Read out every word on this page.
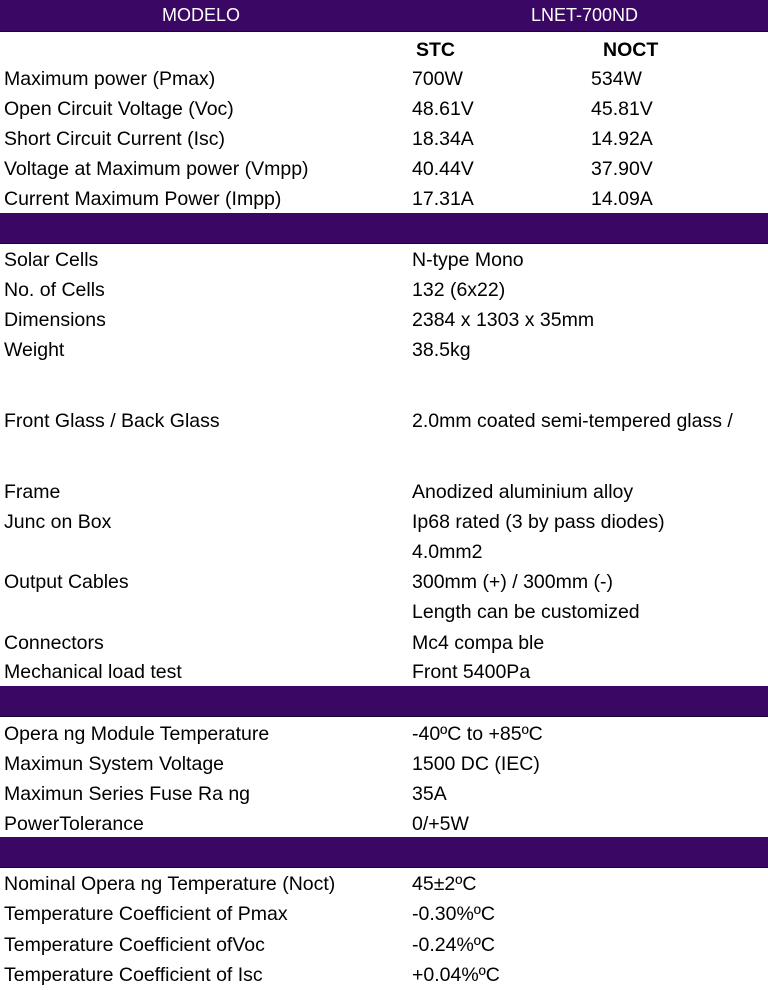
MODELO	LNET-700ND
STC	NOCT
Maximum power (Pmax)	700W	534W
Open Circuit Voltage (Voc)	48.61V	45.81V
Short Circuit Current (Isc)	18.34A	14.92A
Voltage at Maximum power (Vmpp)	40.44V	37.90V
Current Maximum Power (Impp)	17.31A	14.09A
Solar Cells	N-type Mono
No. of Cells	132 (6x22)
Dimensions	2384 x 1303 x 35mm
Weight	38.5kg
Front Glass / Back Glass	2.0mm coated semi-tempered glass /
Frame	Anodized aluminium alloy
Junc on Box	Ip68 rated (3 by pass diodes)
4.0mm2
Output Cables	300mm (+) / 300mm (-)
Length can be customized
Connectors	Mc4 compa ble
Mechanical load test	Front 5400Pa
Opera ng Module Temperature	-40ºC to +85ºC
Maximun System Voltage	1500 DC (IEC)
Maximun Series Fuse Ra ng	35A
PowerTolerance	0/+5W
Nominal Opera ng Temperature (Noct)	45±2ºC
Temperature Coefficient of Pmax	-0.30%ºC
Temperature Coefficient ofVoc	-0.24%ºC
Temperature Coefficient of Isc	+0.04%ºC
